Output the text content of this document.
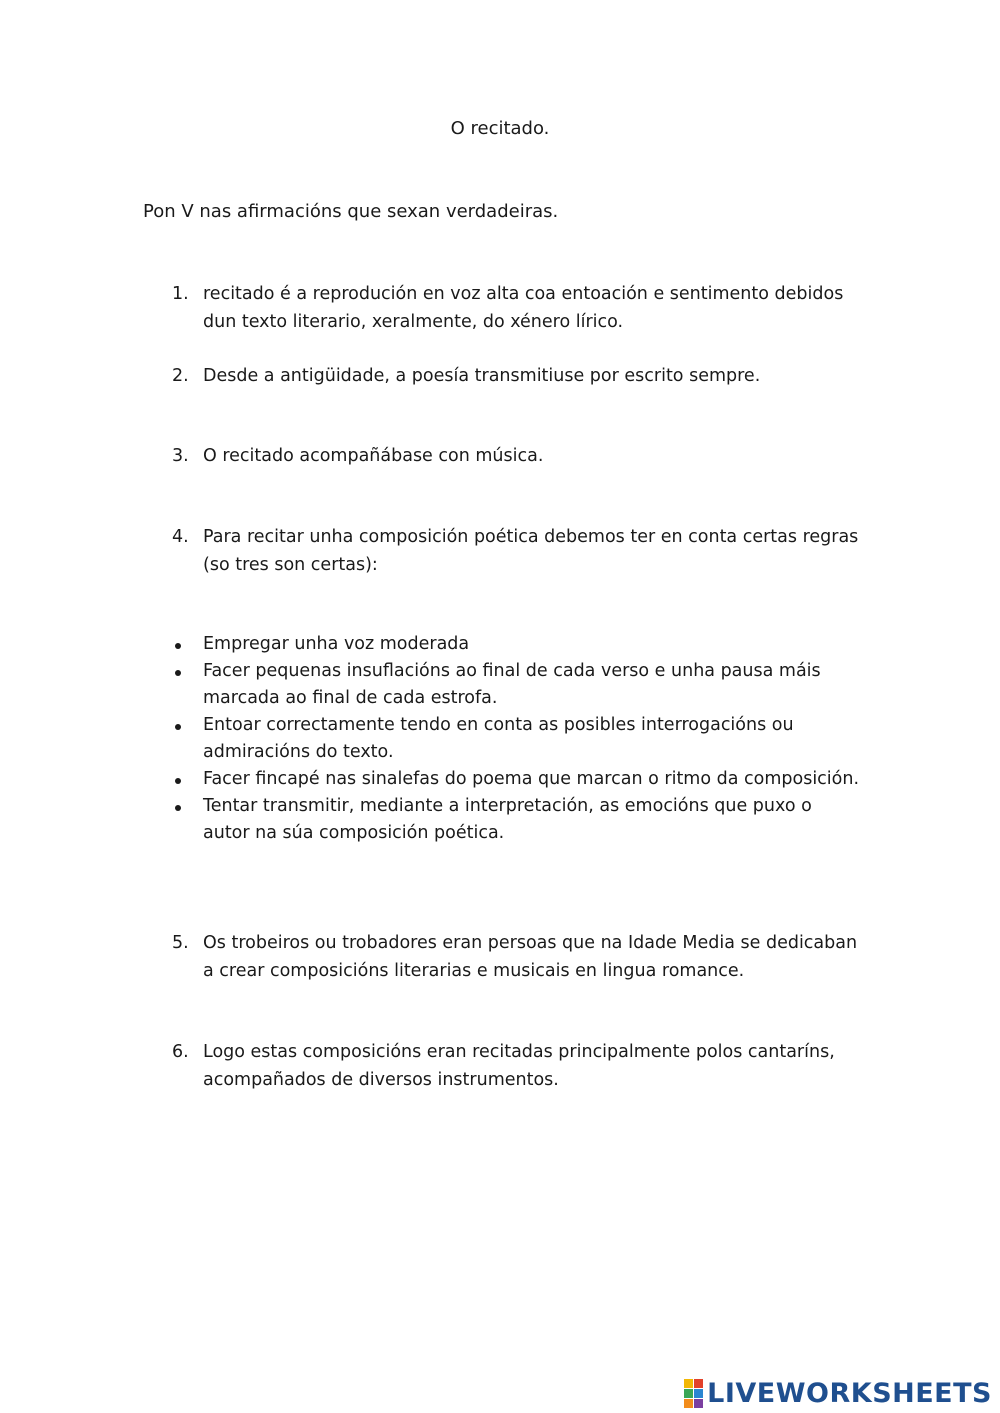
O recitado.
Pon V nas afirmacións que sexan verdadeiras.
1. recitado é a reprodución en voz alta coa entoación e sentimento debidos dun texto literario, xeralmente, do xénero lírico.
2. Desde a antigüidade, a poesía transmitiuse por escrito sempre.
3. O recitado acompañábase con música.
4. Para recitar unha composición poética debemos ter en conta certas regras (so tres son certas):
Empregar unha voz moderada
Facer pequenas insuflacións ao final de cada verso e unha pausa máis marcada ao final de cada estrofa.
Entoar correctamente tendo en conta as posibles interrogacións ou admiracións do texto.
Facer fincapé nas sinalefas do poema que marcan o ritmo da composición.
Tentar transmitir, mediante a interpretación, as emocións que puxo o autor na súa composición poética.
5. Os trobeiros ou trobadores eran persoas que na Idade Media se dedicaban a crear composicións literarias e musicais en lingua romance.
6. Logo estas composicións eran recitadas principalmente polos cantaríns, acompañados de diversos instrumentos.
LIVEWORKSHEETS
